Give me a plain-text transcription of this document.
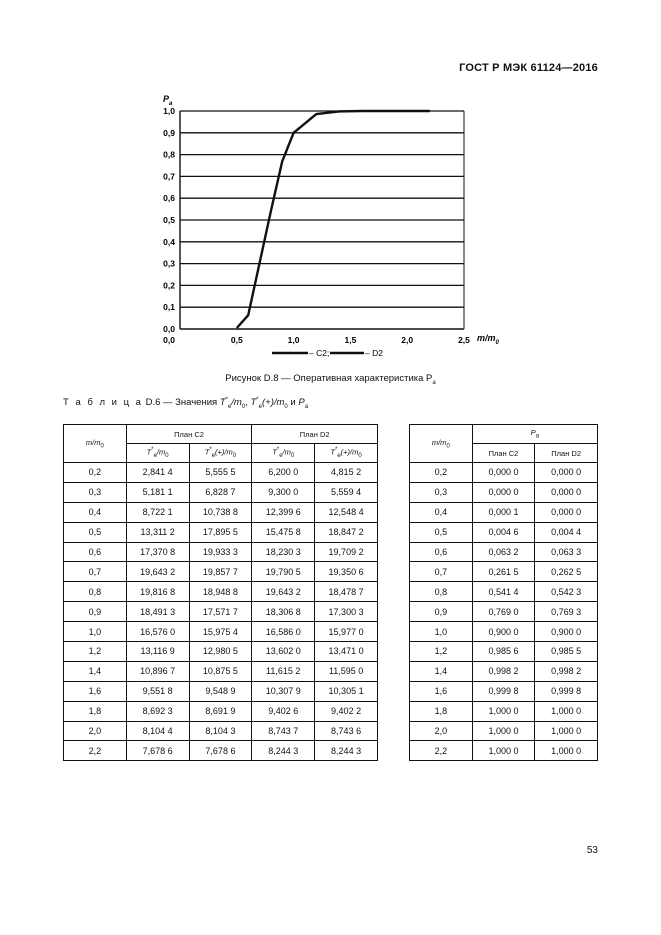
ГОСТ Р МЭК 61124—2016
0,0
0,1
0,2
0,3
0,4
0,5
0,6
0,7
0,8
0,9
1,0
0,5	1,0	1,5	2,0	2,5
0,0
$P_a$
$m/m_0$
– C2;	– D2
Рисунок D.8 — Оперативная характеристика $P_a$
Т а б л и ц а D.6 — Значения $T^*_e/m_0$, $T^*_e(+)/m_0$ и $P_a$
$m/m_0$	План C2		План D2	
	$T^*_e/m_0$	$T^*_e(+)/m_0$	$T^*_e/m_0$	$T^*_e(+)/m_0$
0,2	2,841 4	5,555 5	6,200 0	4,815 2
0,3	5,181 1	6,828 7	9,300 0	5,559 4
0,4	8,722 1	10,738 8	12,399 6	12,548 4
0,5	13,311 2	17,895 5	15,475 8	18,847 2
0,6	17,370 8	19,933 3	18,230 3	19,709 2
0,7	19,643 2	19,857 7	19,790 5	19,350 6
0,8	19,816 8	18,948 8	19,643 2	18,478 7
0,9	18,491 3	17,571 7	18,306 8	17,300 3
1,0	16,576 0	15,975 4	16,586 0	15,977 0
1,2	13,116 9	12,980 5	13,602 0	13,471 0
1,4	10,896 7	10,875 5	11,615 2	11,595 0
1,6	9,551 8	9,548 9	10,307 9	10,305 1
1,8	8,692 3	8,691 9	9,402 6	9,402 2
2,0	8,104 4	8,104 3	8,743 7	8,743 6
2,2	7,678 6	7,678 6	8,244 3	8,244 3
$m/m_0$	$P_a$
	План C2	План D2
0,2	0,000 0	0,000 0
0,3	0,000 0	0,000 0
0,4	0,000 1	0,000 0
0,5	0,004 6	0,004 4
0,6	0,063 2	0,063 3
0,7	0,261 5	0,262 5
0,8	0,541 4	0,542 3
0,9	0,769 0	0,769 3
1,0	0,900 0	0,900 0
1,2	0,985 6	0,985 5
1,4	0,998 2	0,998 2
1,6	0,999 8	0,999 8
1,8	1,000 0	1,000 0
2,0	1,000 0	1,000 0
2,2	1,000 0	1,000 0
53
